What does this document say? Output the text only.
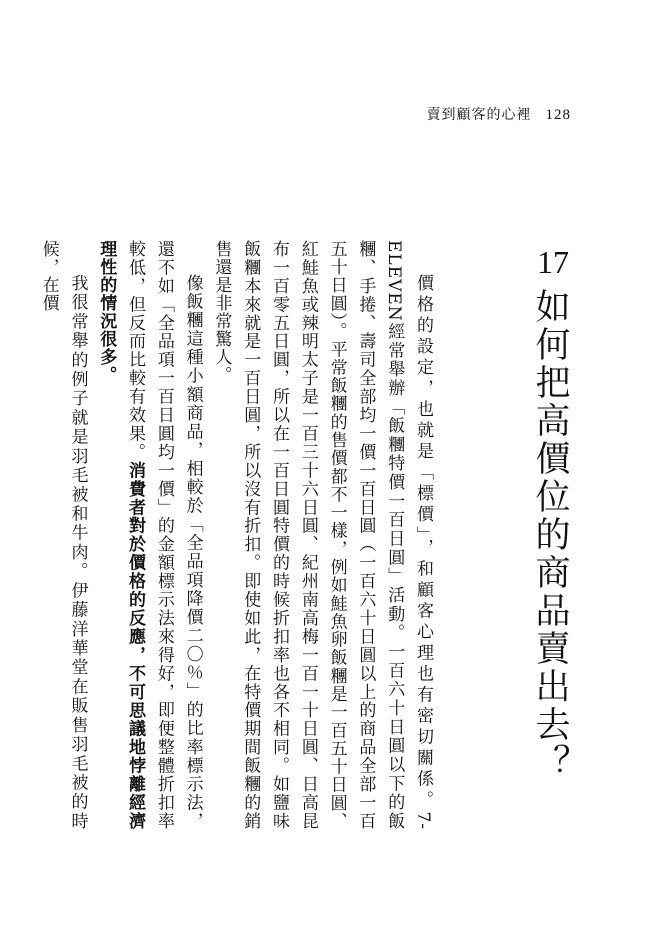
賣到顧客的心裡 128
17
如何把高價位的商品賣出去？

價格的設定，也就是「標價」，和顧客心理也有密切關係。7-ELEVEN經常舉辦「飯糰特價一百日圓」活動。一百六十日圓以下的飯糰、手捲、壽司全部均一價一百日圓（一百六十日圓以上的商品全部一百五十日圓）。平常飯糰的售價都不一樣，例如鮭魚卵飯糰是一百五十日圓、紅鮭魚或辣明太子是一百三十六日圓、紀州南高梅一百一十日圓、日高昆布一百零五日圓，所以在一百日圓特價的時候折扣率也各不相同。如鹽味飯糰本來就是一百日圓，所以沒有折扣。即使如此，在特價期間飯糰的銷售還是非常驚人。

像飯糰這種小額商品，相較於「全品項降價二〇％」的比率標示法，還不如「全品項一百日圓均一價」的金額標示法來得好，即便整體折扣率較低，但反而比較有效果。消費者對於價格的反應，不可思議地悖離經濟理性的情況很多。

我很常舉的例子就是羽毛被和牛肉。伊藤洋華堂在販售羽毛被的時候，在價
